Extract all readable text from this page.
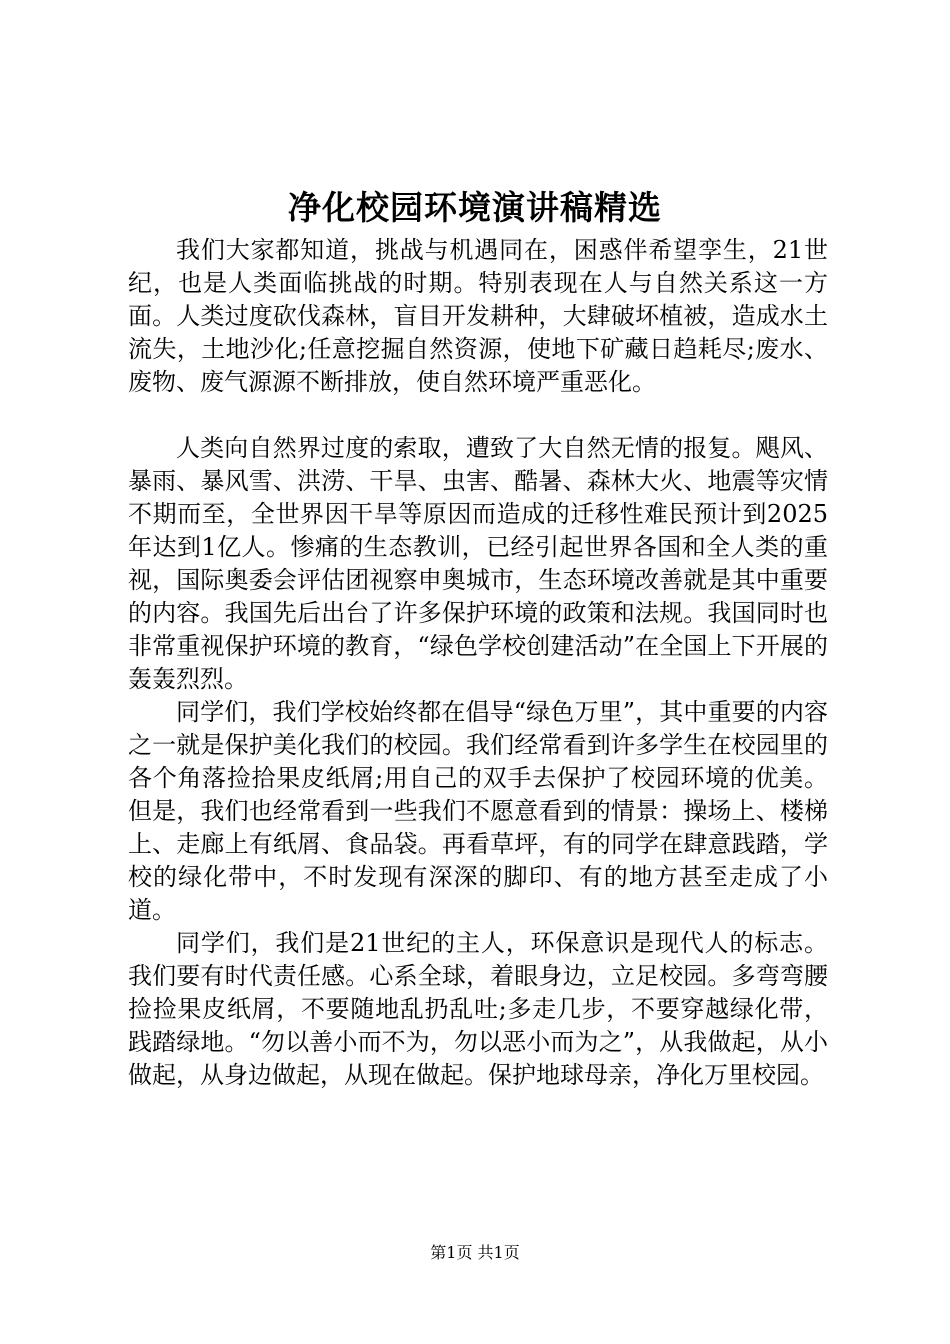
净化校园环境演讲稿精选

我们大家都知道，挑战与机遇同在，困惑伴希望孪生，21世纪，也是人类面临挑战的时期。特别表现在人与自然关系这一方面。人类过度砍伐森林，盲目开发耕种，大肆破坏植被，造成水土流失，土地沙化;任意挖掘自然资源，使地下矿藏日趋耗尽;废水、废物、废气源源不断排放，使自然环境严重恶化。

人类向自然界过度的索取，遭致了大自然无情的报复。飓风、暴雨、暴风雪、洪涝、干旱、虫害、酷暑、森林大火、地震等灾情不期而至，全世界因干旱等原因而造成的迁移性难民预计到2025年达到1亿人。惨痛的生态教训，已经引起世界各国和全人类的重视，国际奥委会评估团视察申奥城市，生态环境改善就是其中重要的内容。我国先后出台了许多保护环境的政策和法规。我国同时也非常重视保护环境的教育，“绿色学校创建活动”在全国上下开展的轰轰烈烈。

同学们，我们学校始终都在倡导“绿色万里”，其中重要的内容之一就是保护美化我们的校园。我们经常看到许多学生在校园里的各个角落捡拾果皮纸屑;用自己的双手去保护了校园环境的优美。但是，我们也经常看到一些我们不愿意看到的情景：操场上、楼梯上、走廊上有纸屑、食品袋。再看草坪，有的同学在肆意践踏，学校的绿化带中，不时发现有深深的脚印、有的地方甚至走成了小道。

同学们，我们是21世纪的主人，环保意识是现代人的标志。我们要有时代责任感。心系全球，着眼身边，立足校园。多弯弯腰捡捡果皮纸屑，不要随地乱扔乱吐;多走几步，不要穿越绿化带，践踏绿地。“勿以善小而不为，勿以恶小而为之”，从我做起，从小做起，从身边做起，从现在做起。保护地球母亲，净化万里校园。

第1页 共1页
